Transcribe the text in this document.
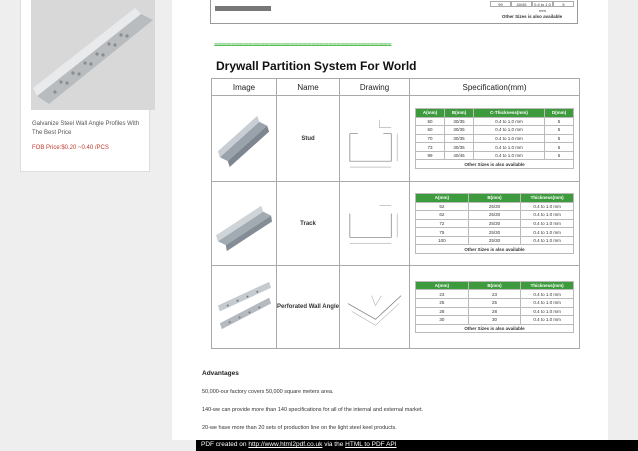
Galvanize Steel Wall Angle Profiles With The Best Price
FOB Price:$0.20 ~0.40 /PCS
99	40/45	0.4 to 1.0 mm
5
Other Sizes is also available
==========================================
Drywall Partition System For World
Image	Name	Drawing	Specification(mm)

	Stud	

A(mm)	B(mm)	C-Thickness(mm)	D(mm)
50	30/35	0.4 to 1.0 mm	5
60	30/35	0.4 to 1.0 mm	5
70	30/35	0.4 to 1.0 mm	5
73	30/35	0.4 to 1.0 mm	5
99	40/45	0.4 to 1.0 mm	5
Other Sizes is also available

	Track	

A(mm)	B(mm)	Thickness(mm)
52	25/30	0.4 to 1.0 mm
62	25/30	0.4 to 1.0 mm
72	25/30	0.4 to 1.0 mm
75	25/30	0.4 to 1.0 mm
100	25/30	0.4 to 1.0 mm
Other Sizes is also available

	Perforated Wall Angle	

A(mm)	B(mm)	Thickness(mm)
23	23	0.4 to 1.0 mm
25	25	0.4 to 1.0 mm
28	28	0.4 to 1.0 mm
30	30	0.4 to 1.0 mm
Other Sizes is also available
Advantages
50,000-our factory covers 50,000 square meters area.
140-we can provide more than 140 specifications for all of the internal and external market.
20-we have more than 20 sets of production line on the light steel keel products.
PDF created on http://www.html2pdf.co.uk via the HTML to PDF API
